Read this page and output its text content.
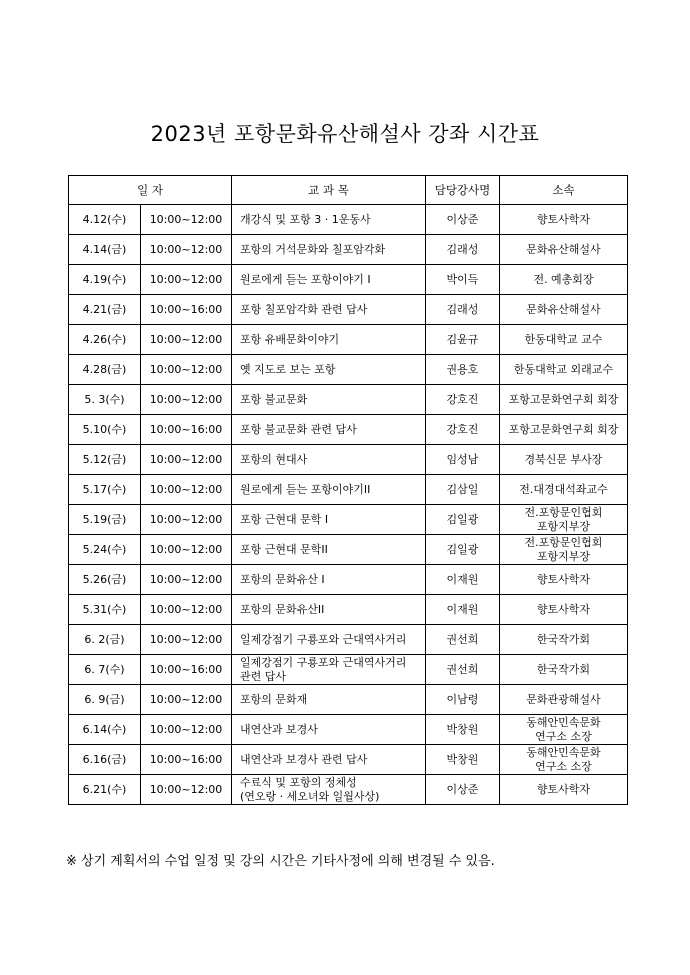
2023년 포항문화유산해설사 강좌 시간표
일 자		교 과 목	담당강사명	소속
4.12(수)	10:00~12:00	개강식 및 포항 3 · 1운동사	이상준	향토사학자

4.14(금)	10:00~12:00	포항의 거석문화와 칠포암각화	김래성	문화유산해설사

4.19(수)	10:00~12:00	원로에게 듣는 포항이야기 I	박이득	전. 예총회장

4.21(금)	10:00~16:00	포항 칠포암각화 관련 답사	김래성	문화유산해설사

4.26(수)	10:00~12:00	포항 유배문화이야기	김윤규	한동대학교 교수

4.28(금)	10:00~12:00	옛 지도로 보는 포항	권용호	한동대학교 외래교수

5. 3(수)	10:00~12:00	포항 불교문화	강호진	포항고문화연구회 회장

5.10(수)	10:00~16:00	포항 불교문화 관련 답사	강호진	포항고문화연구회 회장

5.12(금)	10:00~12:00	포항의 현대사	임성남	경북신문 부사장

5.17(수)	10:00~12:00	원로에게 듣는 포항이야기II	김삼일	전.대경대석좌교수

5.19(금)	10:00~12:00	포항 근현대 문학 I	김일광	전.포항문인협회
포항지부장

5.24(수)	10:00~12:00	포항 근현대 문학II	김일광	전.포항문인협회
포항지부장

5.26(금)	10:00~12:00	포항의 문화유산 I	이재원	향토사학자

5.31(수)	10:00~12:00	포항의 문화유산II	이재원	향토사학자

6. 2(금)	10:00~12:00	일제강점기 구룡포와 근대역사거리	권선희	한국작가회

6. 7(수)	10:00~16:00	일제강점기 구룡포와 근대역사거리
관련 답사	권선희	한국작가회

6. 9(금)	10:00~12:00	포항의 문화재	이남령	문화관광해설사

6.14(수)	10:00~12:00	내연산과 보경사	박창원	동해안민속문화
연구소 소장

6.16(금)	10:00~16:00	내연산과 보경사 관련 답사	박창원	동해안민속문화
연구소 소장

6.21(수)	10:00~12:00	수료식 및 포항의 정체성
(연오랑 · 세오녀와 일월사상)	이상준	향토사학자
※ 상기 계획서의 수업 일정 및 강의 시간은 기타사정에 의해 변경될 수 있음.
